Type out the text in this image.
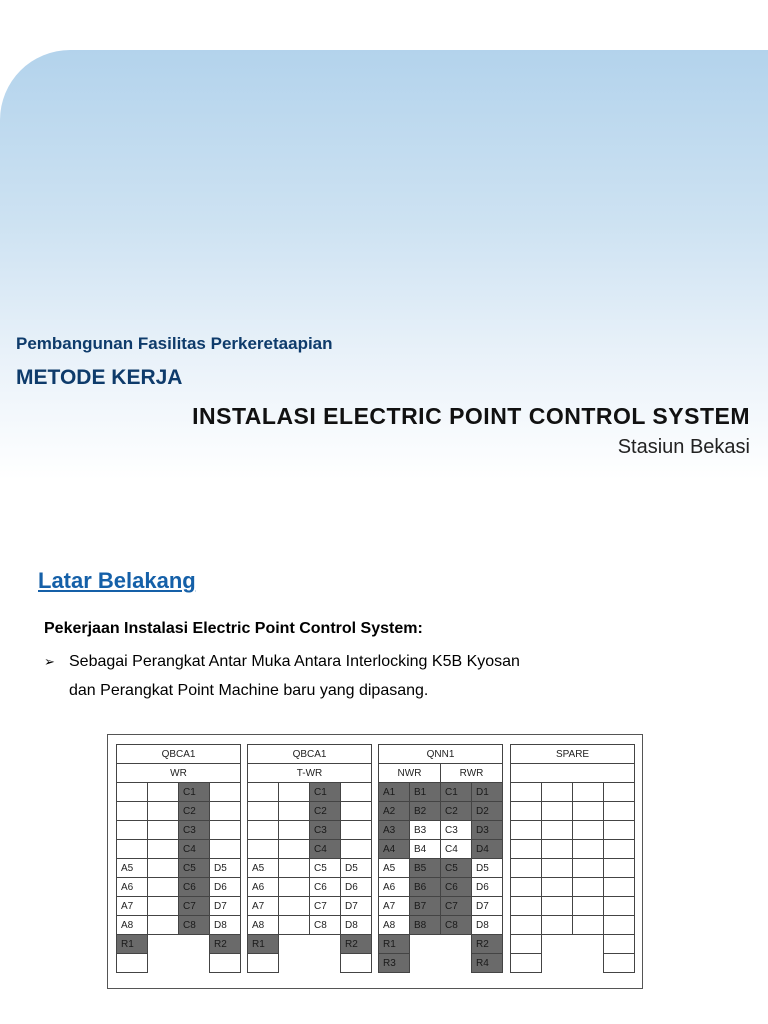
Pembangunan Fasilitas Perkeretaapian
METODE KERJA
INSTALASI ELECTRIC POINT CONTROL SYSTEM
Stasiun Bekasi
Latar Belakang
Pekerjaan Instalasi Electric Point Control System:
➢ Sebagai Perangkat Antar Muka Antara Interlocking K5B Kyosan
dan Perangkat Point Machine baru yang dipasang.
QBCA1			
WR			
		C1	
		C2	
		C3	
		C4	
A5		C5	D5
A6		C6	D6
A7		C7	D7
A8		C8	D8
R1			R2

QBCA1			
T-WR			
		C1	
		C2	
		C3	
		C4	
A5		C5	D5
A6		C6	D6
A7		C7	D7
A8		C8	D8
R1			R2

QNN1			
NWR		RWR	
A1	B1	C1	D1
A2	B2	C2	D2
A3	B3	C3	D3
A4	B4	C4	D4
A5	B5	C5	D5
A6	B6	C6	D6
A7	B7	C7	D7
A8	B8	C8	D8
R1			R2
R3			R4
SPARE			
